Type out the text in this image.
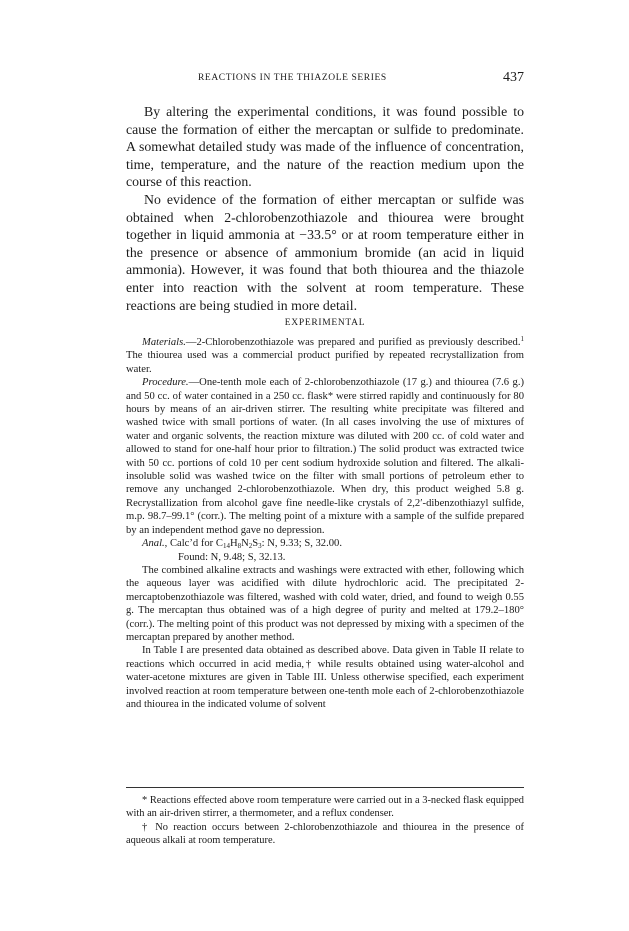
REACTIONS IN THE THIAZOLE SERIES	437

By altering the experimental conditions, it was found possible to cause the formation of either the mercaptan or sulfide to predominate. A somewhat detailed study was made of the influence of concentration, time, temperature, and the nature of the reaction medium upon the course of this reaction.

No evidence of the formation of either mercaptan or sulfide was obtained when 2-chlorobenzothiazole and thiourea were brought together in liquid ammonia at −33.5° or at room temperature either in the presence or absence of ammonium bromide (an acid in liquid ammonia). However, it was found that both thiourea and the thiazole enter into reaction with the solvent at room temperature. These reactions are being studied in more detail.

EXPERIMENTAL

Materials.—2-Chlorobenzothiazole was prepared and purified as previously described.$^1$ The thiourea used was a commercial product purified by repeated recrystallization from water.

Procedure.—One-tenth mole each of 2-chlorobenzothiazole (17 g.) and thiourea (7.6 g.) and 50 cc. of water contained in a 250 cc. flask* were stirred rapidly and continuously for 80 hours by means of an air-driven stirrer. The resulting white precipitate was filtered and washed twice with small portions of water. (In all cases involving the use of mixtures of water and organic solvents, the reaction mixture was diluted with 200 cc. of cold water and allowed to stand for one-half hour prior to filtration.) The solid product was extracted twice with 50 cc. portions of cold 10 per cent sodium hydroxide solution and filtered. The alkali-insoluble solid was washed twice on the filter with small portions of petroleum ether to remove any unchanged 2-chlorobenzothiazole. When dry, this product weighed 5.8 g. Recrystallization from alcohol gave fine needle-like crystals of 2,2′-dibenzothiazyl sulfide, m.p. 98.7–99.1° (corr.). The melting point of a mixture with a sample of the sulfide prepared by an independent method gave no depression.

Anal., Calc’d for $C_{14}H_8N_2S_3$: N, 9.33; S, 32.00.

Found: N, 9.48; S, 32.13.

The combined alkaline extracts and washings were extracted with ether, following which the aqueous layer was acidified with dilute hydrochloric acid. The precipitated 2-mercaptobenzothiazole was filtered, washed with cold water, dried, and found to weigh 0.55 g. The mercaptan thus obtained was of a high degree of purity and melted at 179.2–180° (corr.). The melting point of this product was not depressed by mixing with a specimen of the mercaptan prepared by another method.

In Table I are presented data obtained as described above. Data given in Table II relate to reactions which occurred in acid media,† while results obtained using water-alcohol and water-acetone mixtures are given in Table III. Unless otherwise specified, each experiment involved reaction at room temperature between one-tenth mole each of 2-chlorobenzothiazole and thiourea in the indicated volume of solvent

* Reactions effected above room temperature were carried out in a 3-necked flask equipped with an air-driven stirrer, a thermometer, and a reflux condenser.

† No reaction occurs between 2-chlorobenzothiazole and thiourea in the presence of aqueous alkali at room temperature.
